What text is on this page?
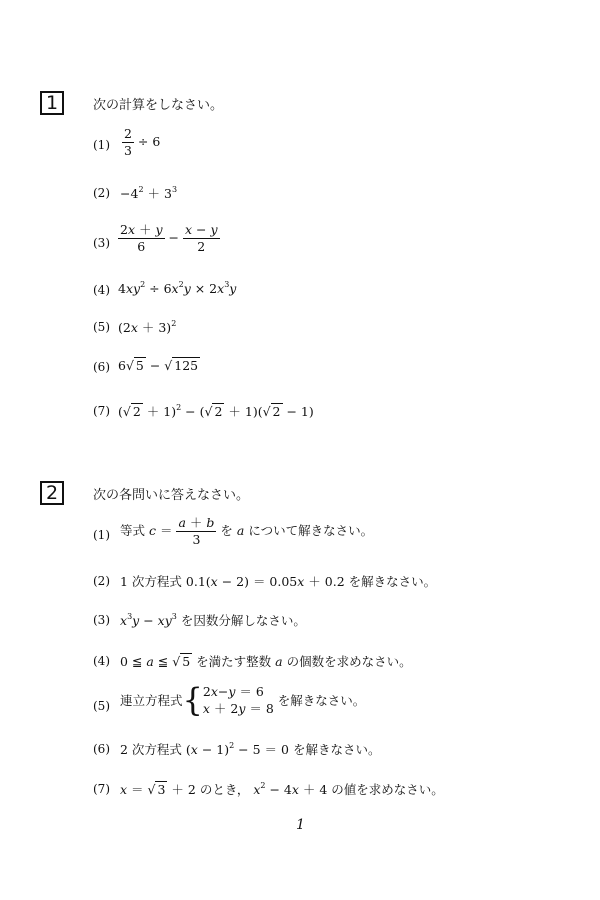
1	次の計算をしなさい。
$(1) \frac{2}{3} \div 6$
$(2) -4^2 + 3^3$
$(3) \frac{2x + y}{6} - \frac{x - y}{2}$
(4) $4xy^2 \div 6x^2y \times 2x^3y$
(5) $(2x + 3)^2$
(6) 6√ 5 − √ 125
(7) (√ 2 ＋ 1)$^2$ − (√ 2 ＋ 1)(√ 2 − 1)
2	次の各問いに答えなさい。
(1) 等式 $c = \frac{a + b}{3}$ を a について解きなさい。
(2) 1 次方程式 0.1(x − 2) ＝ 0.05x ＋ 0.2 を解きなさい。
(3) $x^3y - xy^3$ を因数分解しなさい。
(4) 0 ≦ a ≦ √ 5 を満たす整数 a の個数を求めなさい。
(5) 連立方程式{2x−y ＝ 6
x ＋ 2y ＝ 8 を解きなさい。
(6) 2 次方程式 $(x - 1)^2 - 5 = 0$ を解きなさい。
(7) x ＝ √ 3 ＋ 2 のとき， $x^2 - 4x + 4$ の値を求めなさい。
1
